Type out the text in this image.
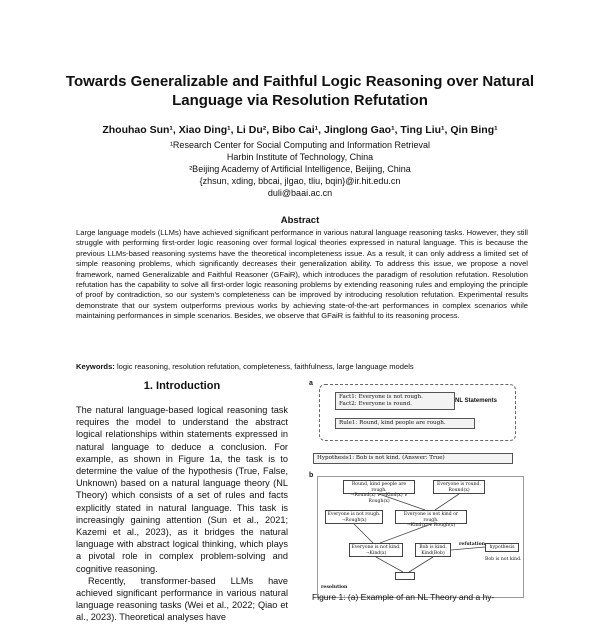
Towards Generalizable and Faithful Logic Reasoning over Natural
Language via Resolution Refutation
Zhouhao Sun¹, Xiao Ding¹, Li Du², Bibo Cai¹, Jinglong Gao¹, Ting Liu¹, Qin Bing¹
¹Research Center for Social Computing and Information Retrieval
Harbin Institute of Technology, China
²Beijing Academy of Artificial Intelligence, Beijing, China
{zhsun, xding, bbcai, jlgao, tliu, bqin}@ir.hit.edu.cn
duli@baai.ac.cn
Abstract
Large language models (LLMs) have achieved significant performance in various natural language reasoning tasks. However, they still struggle with performing first-order logic reasoning over formal logical theories expressed in natural language. This is because the previous LLMs-based reasoning systems have the theoretical incompleteness issue. As a result, it can only address a limited set of simple reasoning problems, which significantly decreases their generalization ability. To address this issue, we propose a novel framework, named Generalizable and Faithful Reasoner (GFaiR), which introduces the paradigm of resolution refutation. Resolution refutation has the capability to solve all first-order logic reasoning problems by extending reasoning rules and employing the principle of proof by contradiction, so our system's completeness can be improved by introducing resolution refutation. Experimental results demonstrate that our system outperforms previous works by achieving state-of-the-art performances in complex scenarios while maintaining performances in simple scenarios. Besides, we observe that GFaiR is faithful to its reasoning process.
Keywords: logic reasoning, resolution refutation, completeness, faithfulness, large language models
1. Introduction

The natural language-based logical reasoning task requires the model to understand the abstract logical relationships within statements expressed in natural language to deduce a conclusion. For example, as shown in Figure 1a, the task is to determine the value of the hypothesis (True, False, Unknown) based on a natural language theory (NL Theory) which consists of a set of rules and facts explicitly stated in natural language. This task is increasingly gaining attention (Sun et al., 2021; Kazemi et al., 2023), as it bridges the natural language with abstract logical thinking, which plays a pivotal role in complex problem-solving and cognitive reasoning.

Recently, transformer-based LLMs have achieved significant performance in various natural language reasoning tasks (Wei et al., 2022; Qiao et al., 2023). Theoretical analyses have

a
Fact1: Everyone is not rough.
Fact2: Everyone is round.	NL Statements
Rule1: Round, kind people are rough.
Hypothesis1: Bob is not kind. (Answer: True)
b
Round, kind people are rough.
¬Round(x) ∨ ¬Kind(x) ∨ Rough(x)
Everyone is round.
Round(x)
Everyone is not rough.
¬Rough(x)
Everyone is not kind or rough.
¬Kind(x) ∨ Rough(x)
Everyone is not kind.
¬Kind(x)
Bob is kind.
Kind(Bob)
refutation
hypothesis
Bob is not kind.
resolution
Figure 1: (a) Example of an NL Theory and a hy-
